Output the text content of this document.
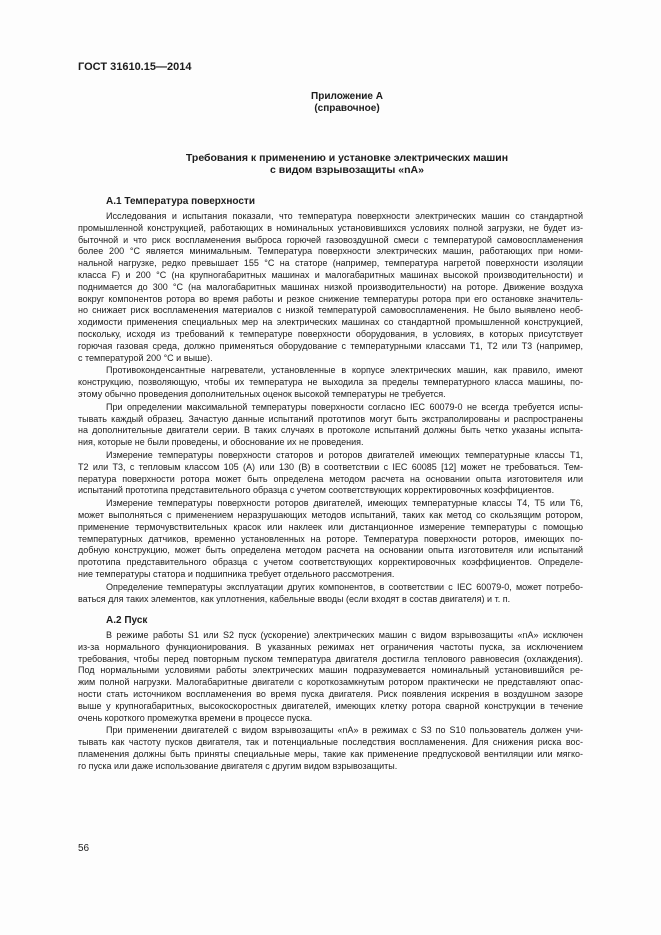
ГОСТ 31610.15—2014
Приложение А
(справочное)
Требования к применению и установке электрических машин
с видом взрывозащиты «nA»
А.1 Температура поверхности
Исследования и испытания показали, что температура поверхности электрических машин со стандартной
промышленной конструкцией, работающих в номинальных установившихся условиях полной загрузки, не будет из-
быточной и что риск воспламенения выброса горючей газовоздушной смеси с температурой самовоспламенения
более 200 °С является минимальным. Температура поверхности электрических машин, работающих при номи-
нальной нагрузке, редко превышает 155 °С на статоре (например, температура нагретой поверхности изоляции
класса F) и 200 °С (на крупногабаритных машинах и малогабаритных машинах высокой производительности) и
поднимается до 300 °С (на малогабаритных машинах низкой производительности) на роторе. Движение воздуха
вокруг компонентов ротора во время работы и резкое снижение температуры ротора при его остановке значитель-
но снижает риск воспламенения материалов с низкой температурой самовоспламенения. Не было выявлено необ-
ходимости применения специальных мер на электрических машинах со стандартной промышленной конструкцией,
поскольку, исходя из требований к температуре поверхности оборудования, в условиях, в которых присутствует
горючая газовая среда, должно применяться оборудование с температурными классами Т1, Т2 или Т3 (например,
с температурой 200 °С и выше).
Противоконденсантные нагреватели, установленные в корпусе электрических машин, как правило, имеют
конструкцию, позволяющую, чтобы их температура не выходила за пределы температурного класса машины, по-
этому обычно проведения дополнительных оценок высокой температуры не требуется.
При определении максимальной температуры поверхности согласно IEC 60079-0 не всегда требуется испы-
тывать каждый образец. Зачастую данные испытаний прототипов могут быть экстраполированы и распространены
на дополнительные двигатели серии. В таких случаях в протоколе испытаний должны быть четко указаны испыта-
ния, которые не были проведены, и обоснование их не проведения.
Измерение температуры поверхности статоров и роторов двигателей имеющих температурные классы Т1,
Т2 или Т3, с тепловым классом 105 (А) или 130 (В) в соответствии с IEC 60085 [12] может не требоваться. Тем-
пература поверхности ротора может быть определена методом расчета на основании опыта изготовителя или
испытаний прототипа представительного образца с учетом соответствующих корректировочных коэффициентов.
Измерение температуры поверхности роторов двигателей, имеющих температурные классы Т4, Т5 или Т6,
может выполняться с применением неразрушающих методов испытаний, таких как метод со скользящим ротором,
применение термочувствительных красок или наклеек или дистанционное измерение температуры с помощью
температурных датчиков, временно установленных на роторе. Температура поверхности роторов, имеющих по-
добную конструкцию, может быть определена методом расчета на основании опыта изготовителя или испытаний
прототипа представительного образца с учетом соответствующих корректировочных коэффициентов. Определе-
ние температуры статора и подшипника требует отдельного рассмотрения.
Определение температуры эксплуатации других компонентов, в соответствии с IEC 60079-0, может потребо-
ваться для таких элементов, как уплотнения, кабельные вводы (если входят в состав двигателя) и т. п.
А.2 Пуск
В режиме работы S1 или S2 пуск (ускорение) электрических машин с видом взрывозащиты «nA» исключен
из-за нормального функционирования. В указанных режимах нет ограничения частоты пуска, за исключением
требования, чтобы перед повторным пуском температура двигателя достигла теплового равновесия (охлаждения).
Под нормальными условиями работы электрических машин подразумевается номинальный установившийся ре-
жим полной нагрузки. Малогабаритные двигатели с короткозамкнутым ротором практически не представляют опас-
ности стать источником воспламенения во время пуска двигателя. Риск появления искрения в воздушном зазоре
выше у крупногабаритных, высокоскоростных двигателей, имеющих клетку ротора сварной конструкции в течение
очень короткого промежутка времени в процессе пуска.
При применении двигателей с видом взрывозащиты «nA» в режимах с S3 по S10 пользователь должен учи-
тывать как частоту пусков двигателя, так и потенциальные последствия воспламенения. Для снижения риска вос-
пламенения должны быть приняты специальные меры, такие как применение предпусковой вентиляции или мягко-
го пуска или даже использование двигателя с другим видом взрывозащиты.
56
